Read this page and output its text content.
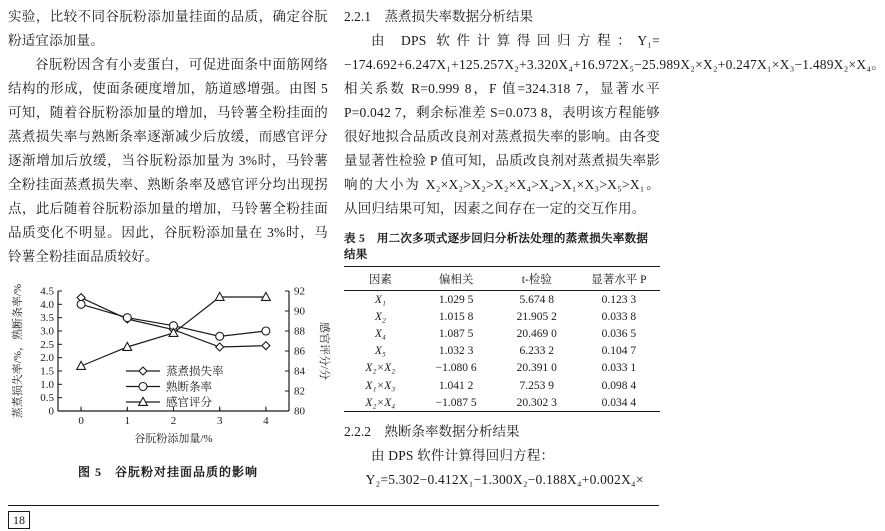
实验，比较不同谷朊粉添加量挂面的品质，确定谷朊粉适宜添加量。

谷朊粉因含有小麦蛋白，可促进面条中面筋网络结构的形成，使面条硬度增加，筋道感增强。由图 5 可知，随着谷朊粉添加量的增加，马铃薯全粉挂面的蒸煮损失率与熟断条率逐渐减少后放缓，而感官评分逐渐增加后放缓，当谷朊粉添加量为 3%时，马铃薯全粉挂面蒸煮损失率、熟断条率及感官评分均出现拐点，此后随着谷朊粉添加量的增加，马铃薯全粉挂面品质变化不明显。因此，谷朊粉添加量在 3%时，马铃薯全粉挂面品质较好。

0
0.5
1.0
1.5
2.0
2.5
3.0
3.5
4.0
4.5
80
82
84
86
88
90
92
0	1	2	3	4
蒸煮损失率/%，熟断条率/%	感官评分/分
谷朊粉添加量/%
蒸煮损失率
熟断条率
感官评分
图 5　谷朊粉对挂面品质的影响
2.2.1　蒸煮损失率数据分析结果

由 DPS 软件计算得回归方程：Y₁= −174.692+6.247X₁+125.257X₂+3.320X₄+16.972X₅−25.989X₂×X₂+0.247X₁×X₃−1.489X₂×X₄。相关系数 R=0.999 8，F 值=324.318 7，显著水平 P=0.042 7，剩余标准差 S=0.073 8，表明该方程能够很好地拟合品质改良剂对蒸煮损失率的影响。由各变量显著性检验 P 值可知，品质改良剂对蒸煮损失率影响的大小为 X₂×X₂>X₂>X₂×X₄>X₄>X₁×X₃>X₅>X₁。从回归结果可知，因素之间存在一定的交互作用。

表 5　用二次多项式逐步回归分析法处理的蒸煮损失率数据结果
因素	偏相关	t-检验	显著水平 P
X₁	1.029 5	5.674 8	0.123 3
X₂	1.015 8	21.905 2	0.033 8
X₄	1.087 5	20.469 0	0.036 5
X₅	1.032 3	6.233 2	0.104 7
X₂×X₂	−1.080 6	20.391 0	0.033 1
X₁×X₃	1.041 2	7.253 9	0.098 4
X₂×X₄	−1.087 5	20.302 3	0.034 4
2.2.2　熟断条率数据分析结果

由 DPS 软件计算得回归方程：

Y₂=5.302−0.412X₁−1.300X₂−0.188X₄+0.002X₄×

18
